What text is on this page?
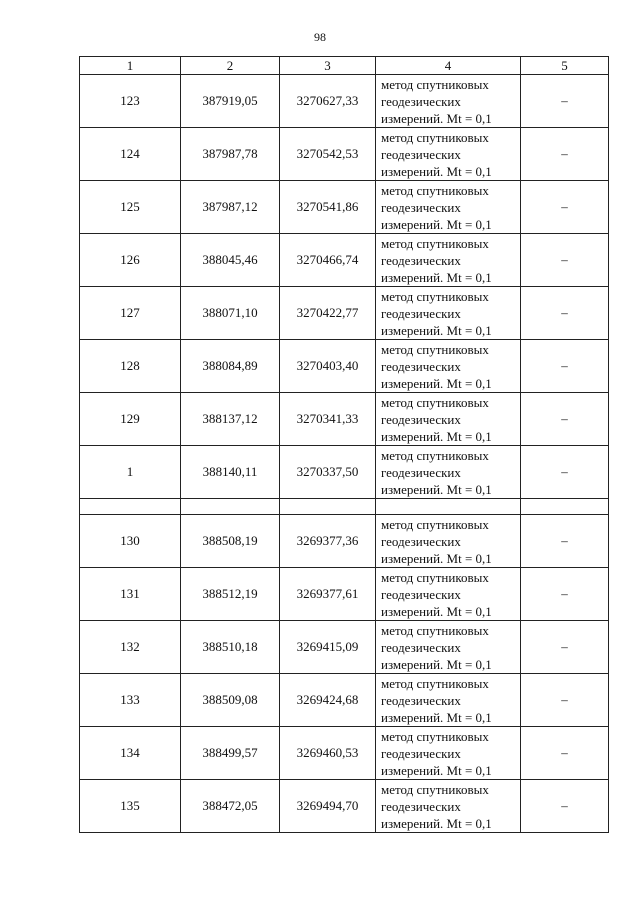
98
1	2	3	4	5
123	387919,05	3270627,33	метод спутниковых
геодезических
измерений. Mt = 0,1	–
124	387987,78	3270542,53	метод спутниковых
геодезических
измерений. Mt = 0,1	–
125	387987,12	3270541,86	метод спутниковых
геодезических
измерений. Mt = 0,1	–
126	388045,46	3270466,74	метод спутниковых
геодезических
измерений. Mt = 0,1	–
127	388071,10	3270422,77	метод спутниковых
геодезических
измерений. Mt = 0,1	–
128	388084,89	3270403,40	метод спутниковых
геодезических
измерений. Mt = 0,1	–
129	388137,12	3270341,33	метод спутниковых
геодезических
измерений. Mt = 0,1	–
1	388140,11	3270337,50	метод спутниковых
геодезических
измерений. Mt = 0,1	–

130	388508,19	3269377,36	метод спутниковых
геодезических
измерений. Mt = 0,1	–
131	388512,19	3269377,61	метод спутниковых
геодезических
измерений. Mt = 0,1	–
132	388510,18	3269415,09	метод спутниковых
геодезических
измерений. Mt = 0,1	–
133	388509,08	3269424,68	метод спутниковых
геодезических
измерений. Mt = 0,1	–
134	388499,57	3269460,53	метод спутниковых
геодезических
измерений. Mt = 0,1	–
135	388472,05	3269494,70	метод спутниковых
геодезических
измерений. Mt = 0,1	–
